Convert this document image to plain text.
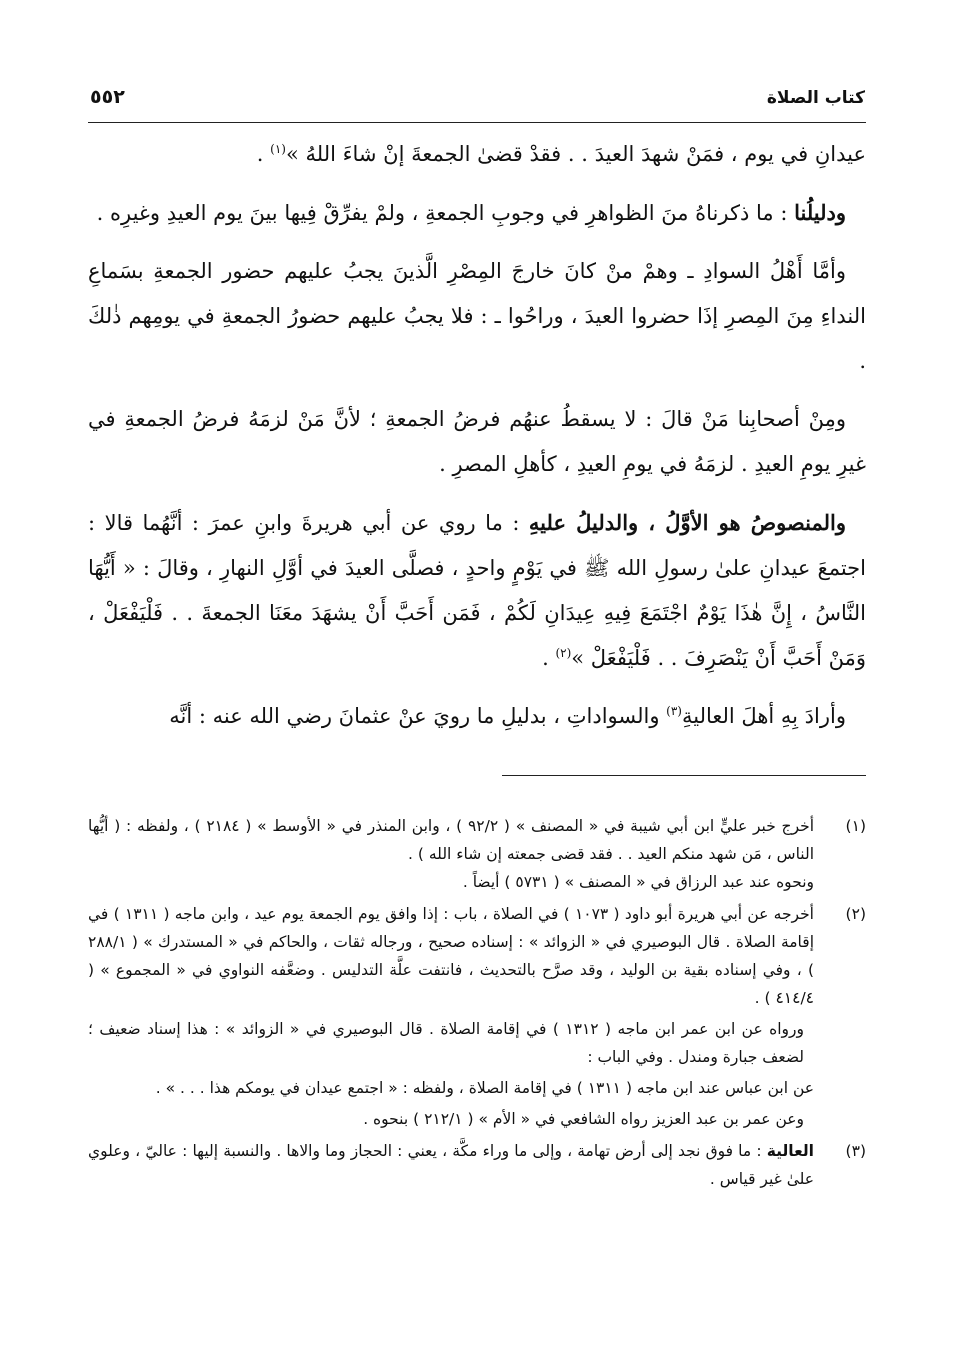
كتاب الصلاة
٥٥٢

عيدانِ في يوم ، فمَنْ شهدَ العيدَ . . فقدْ قضىٰ الجمعةَ إنْ شاءَ اللهُ »$^{(١)}$ .

ودليلُنا : ما ذكرناهُ منَ الظواهرِ في وجوبِ الجمعةِ ، ولمْ يفرِّقْ فِيها بينَ يوم العيدِ وغيرِه .

وأمَّا أَهْلُ السوادِ ـ وهمْ منْ كانَ خارجَ المِصْرِ الَّذينَ يجبُ عليهم حضور الجمعةِ بسَماعِ النداءِ مِنَ المِصرِ إذَا حضروا العيدَ ، وراحُوا ـ : فلا يجبُ عليهم حضورُ الجمعةِ في يومِهم ذٰلكَ .

ومِنْ أصحابِنا مَنْ قالَ : لا يسقطُ عنهُم فرضُ الجمعةِ ؛ لأنَّ مَنْ لزمَهُ فرضُ الجمعةِ في غيرِ يومِ العيدِ . لزمَهُ في يومِ العيدِ ، كأهلِ المصرِ .

والمنصوصُ هو الأوَّلُ ، والدليلُ عليهِ : ما روي عن أبي هريرةَ وابنِ عمرَ : أنَّهُما قالا : اجتمعَ عيدانِ علىٰ رسولِ الله ﷺ في يَوْمٍ واحدٍ ، فصلَّى العيدَ في أوَّلِ النهارِ ، وقالَ : « أَيُّهَا النَّاسُ ، إِنَّ هٰذَا يَوْمٌ اجْتَمَعَ فِيهِ عِيدَانِ لَكُمْ ، فَمَن أَحَبَّ أَنْ يشهَدَ معَنَا الجمعةَ . . فَلْيَفْعَلْ ، وَمَنْ أَحَبَّ أَنْ يَنْصَرِفَ . . فَلْيَفْعَلْ »$^{(٢)}$ .

وأرادَ بِهِ أهلَ العاليةِ$^{(٣)}$ والسواداتِ ، بدليلِ ما رويَ عنْ عثمانَ رضي الله عنه : أنَّه

(١)

أخرج خبر عليٍّ ابن أبي شيبة في « المصنف » ( ٩٢/٢ ) ، وابن المنذر في « الأوسط » ( ٢١٨٤ ) ، ولفظه : ( أيُّها الناس ، مَن شهد منكم العيد . . فقد قضى جمعته إن شاء الله ) .

ونحوه عند عبد الرزاق في « المصنف » ( ٥٧٣١ ) أيضاً .

(٢)

أخرجه عن أبي هريرة أبو داود ( ١٠٧٣ ) في الصلاة ، باب : إذا وافق يوم الجمعة يوم عيد ، وابن ماجه ( ١٣١١ ) في إقامة الصلاة . قال البوصيري في « الزوائد » : إسناده صحيح ، ورجاله ثقات ، والحاكم في « المستدرك » ( ٢٨٨/١ ) ، وفي إسناده بقية بن الوليد ، وقد صرَّح بالتحديث ، فانتفت علَّة التدليس . وضعَّفه النواوي في « المجموع » ( ٤١٤/٤ ) .

ورواه عن ابن عمر ابن ماجه ( ١٣١٢ ) في إقامة الصلاة . قال البوصيري في « الزوائد » : هذا إسناد ضعيف ؛ لضعف جبارة ومندل . وفي الباب :

عن ابن عباس عند ابن ماجه ( ١٣١١ ) في إقامة الصلاة ، ولفظه : « اجتمع عيدان في يومكم هذا . . . » .

وعن عمر بن عبد العزيز رواه الشافعي في « الأم » ( ٢١٢/١ ) بنحوه .

(٣)

العالية : ما فوق نجد إلى أرض تهامة ، وإلى ما وراء مكَّة ، يعني : الحجاز وما والاها . والنسبة إليها : عاليّ ، وعلوي علىٰ غير قياس .
